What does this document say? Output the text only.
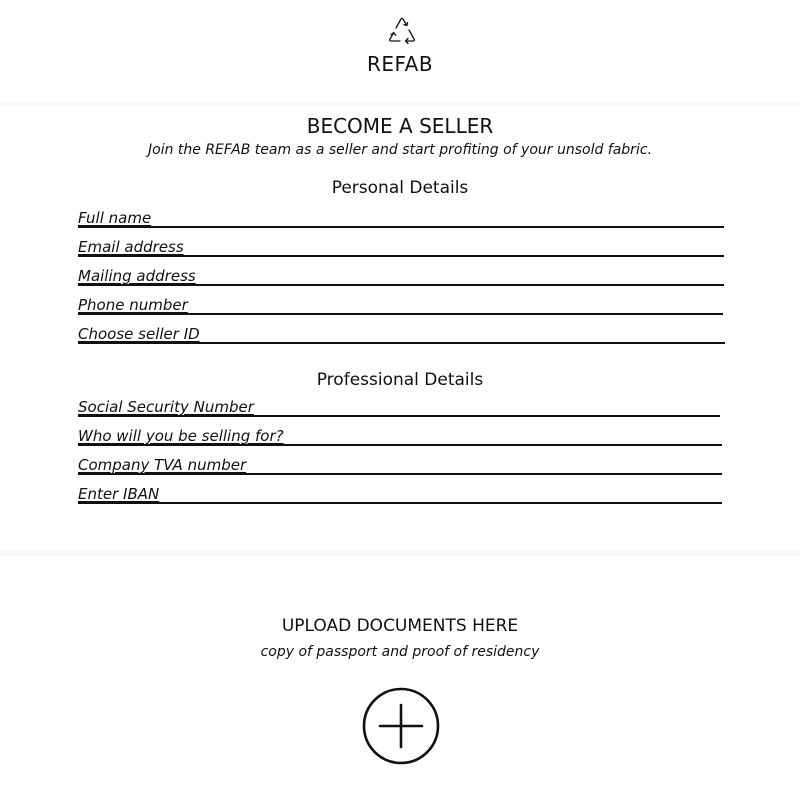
REFAB
BECOME A SELLER
Join the REFAB team as a seller and start profiting of your unsold fabric.
Personal Details
Full name
Email address
Mailing address
Phone number
Choose seller ID
Professional Details
Social Security Number
Who will you be selling for?
Company TVA number
Enter IBAN
UPLOAD DOCUMENTS HERE
copy of passport and proof of residency
